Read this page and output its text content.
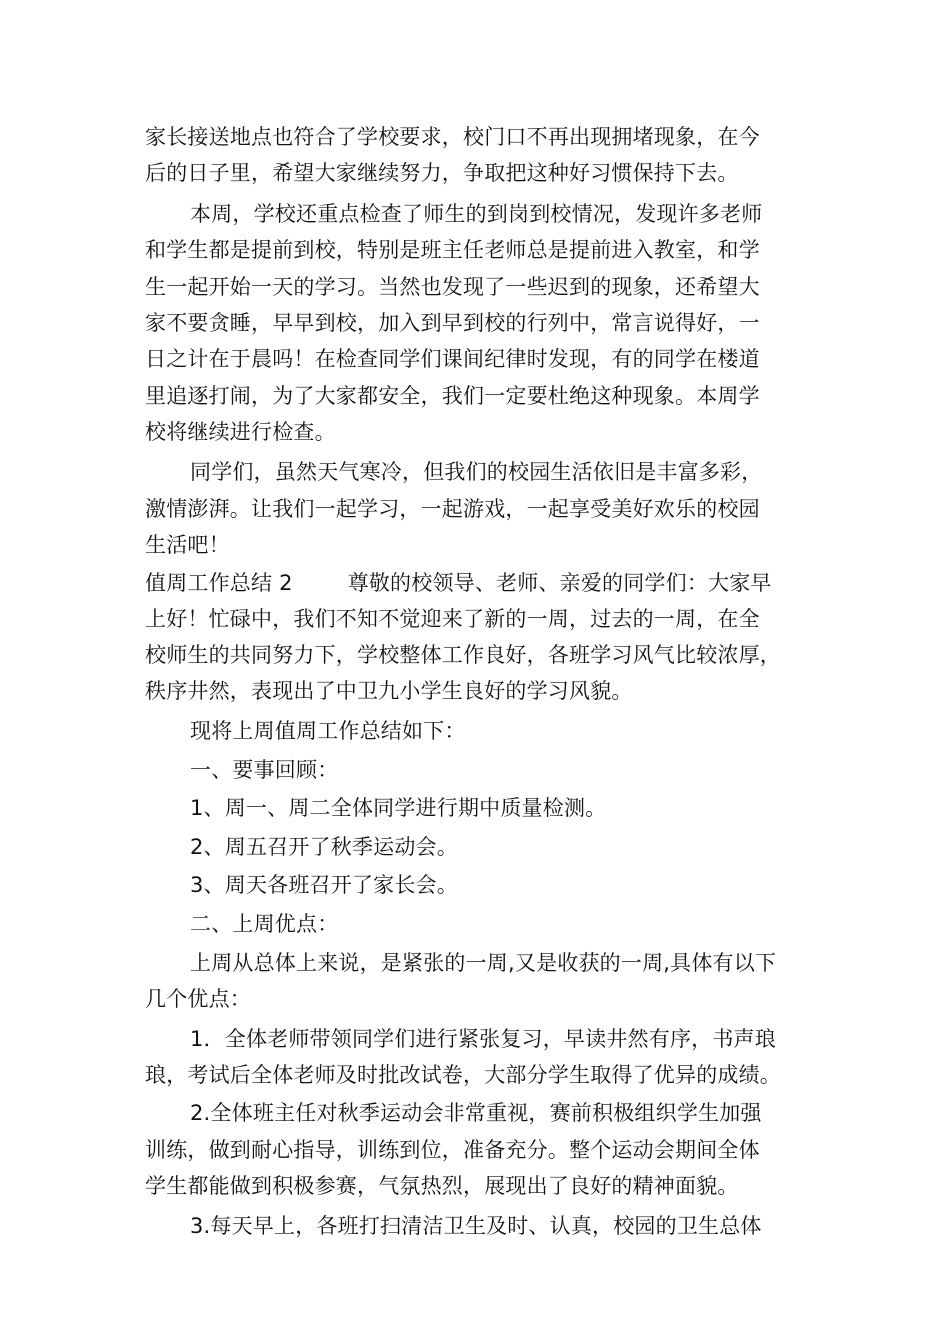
家长接送地点也符合了学校要求，校门口不再出现拥堵现象，在今
后的日子里，希望大家继续努力，争取把这种好习惯保持下去。
本周，学校还重点检查了师生的到岗到校情况，发现许多老师
和学生都是提前到校，特别是班主任老师总是提前进入教室，和学
生一起开始一天的学习。当然也发现了一些迟到的现象，还希望大
家不要贪睡，早早到校，加入到早到校的行列中，常言说得好，一
日之计在于晨吗！在检查同学们课间纪律时发现，有的同学在楼道
里追逐打闹，为了大家都安全，我们一定要杜绝这种现象。本周学
校将继续进行检查。
同学们，虽然天气寒冷，但我们的校园生活依旧是丰富多彩，
激情澎湃。让我们一起学习，一起游戏，一起享受美好欢乐的校园
生活吧！
值周工作总结 2        尊敬的校领导、老师、亲爱的同学们：大家早
上好！忙碌中，我们不知不觉迎来了新的一周，过去的一周，在全
校师生的共同努力下，学校整体工作良好，各班学习风气比较浓厚，
秩序井然，表现出了中卫九小学生良好的学习风貌。
现将上周值周工作总结如下：
一、要事回顾：
1、周一、周二全体同学进行期中质量检测。
2、周五召开了秋季运动会。
3、周天各班召开了家长会。
二、上周优点：
上周从总体上来说，是紧张的一周,又是收获的一周,具体有以下
几个优点：
1．全体老师带领同学们进行紧张复习，早读井然有序，书声琅
琅，考试后全体老师及时批改试卷，大部分学生取得了优异的成绩。
2.全体班主任对秋季运动会非常重视，赛前积极组织学生加强
训练，做到耐心指导，训练到位，准备充分。整个运动会期间全体
学生都能做到积极参赛，气氛热烈，展现出了良好的精神面貌。
3.每天早上，各班打扫清洁卫生及时、认真，校园的卫生总体
